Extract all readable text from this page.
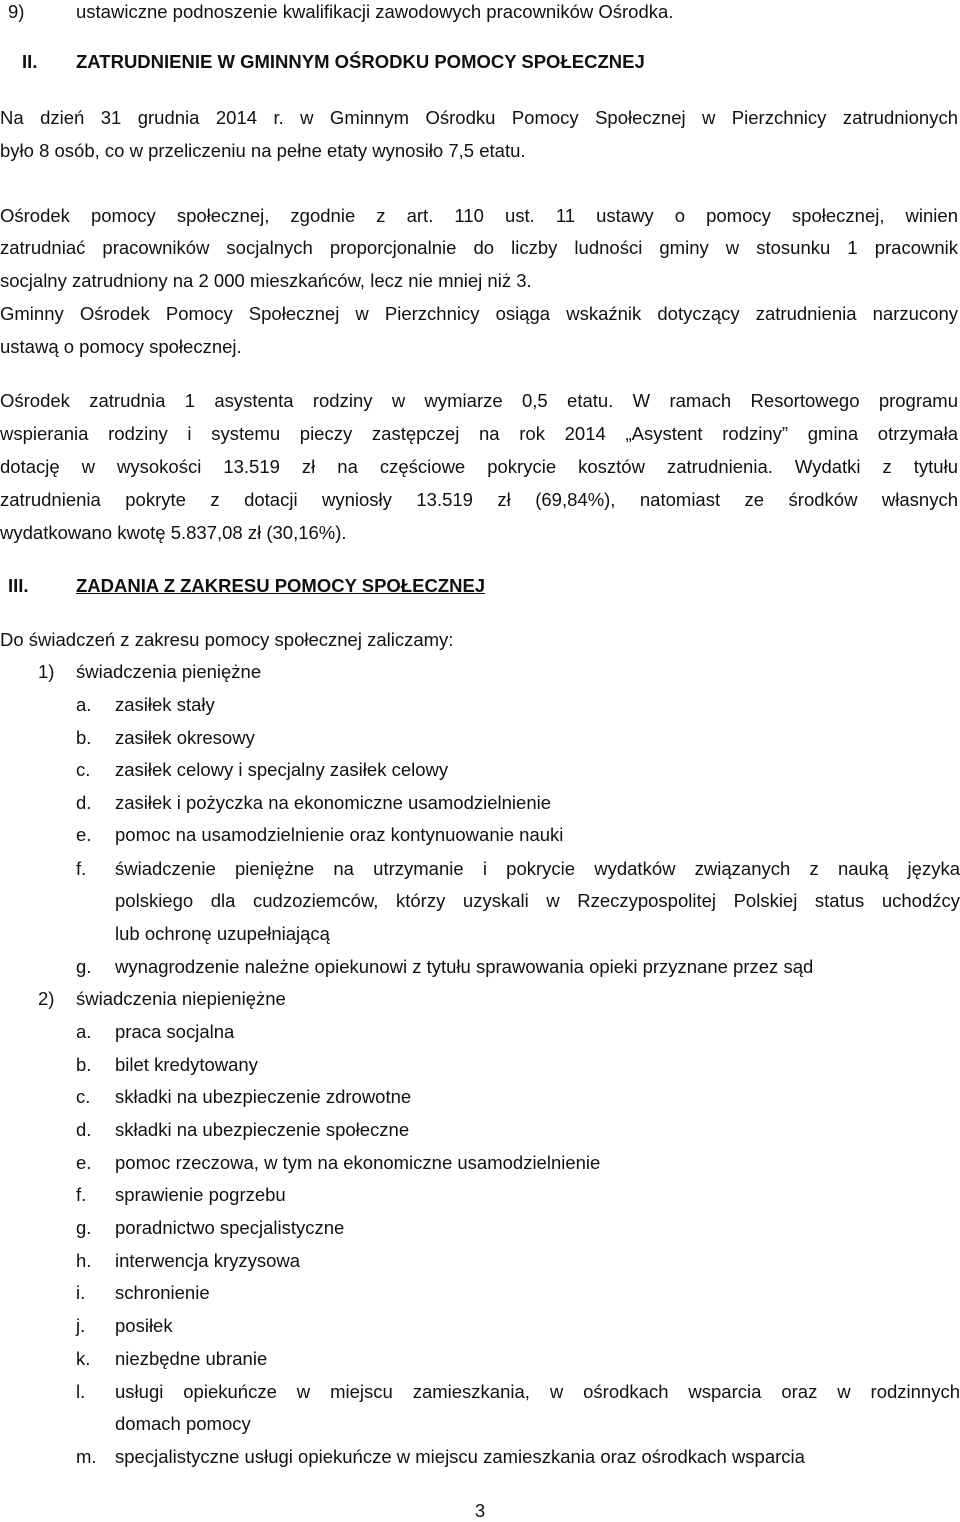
9)	ustawiczne podnoszenie kwalifikacji zawodowych pracowników Ośrodka.
II. ZATRUDNIENIE W GMINNYM OŚRODKU POMOCY SPOŁECZNEJ
Na dzień 31 grudnia 2014 r. w Gminnym Ośrodku Pomocy Społecznej w Pierzchnicy zatrudnionych
było 8 osób, co w przeliczeniu na pełne etaty wynosiło 7,5 etatu.
Ośrodek pomocy społecznej, zgodnie z art. 110 ust. 11 ustawy o pomocy społecznej, winien
zatrudniać pracowników socjalnych proporcjonalnie do liczby ludności gminy w stosunku 1 pracownik
socjalny zatrudniony na 2 000 mieszkańców, lecz nie mniej niż 3.
Gminny Ośrodek Pomocy Społecznej w Pierzchnicy osiąga wskaźnik dotyczący zatrudnienia narzucony
ustawą o pomocy społecznej.
Ośrodek zatrudnia 1 asystenta rodziny w wymiarze 0,5 etatu. W ramach Resortowego programu
wspierania rodziny i systemu pieczy zastępczej na rok 2014 „Asystent rodziny” gmina otrzymała
dotację w wysokości 13.519 zł na częściowe pokrycie kosztów zatrudnienia. Wydatki z tytułu
zatrudnienia pokryte z dotacji wyniosły 13.519 zł (69,84%), natomiast ze środków własnych
wydatkowano kwotę 5.837,08 zł (30,16%).
III.	ZADANIA Z ZAKRESU POMOCY SPOŁECZNEJ
Do świadczeń z zakresu pomocy społecznej zaliczamy:
1) świadczenia pieniężne
a. zasiłek stały
b. zasiłek okresowy
c. zasiłek celowy i specjalny zasiłek celowy
d. zasiłek i pożyczka na ekonomiczne usamodzielnienie
e. pomoc na usamodzielnienie oraz kontynuowanie nauki
f. świadczenie pieniężne na utrzymanie i pokrycie wydatków związanych z nauką języka
polskiego dla cudzoziemców, którzy uzyskali w Rzeczypospolitej Polskiej status uchodźcy
lub ochronę uzupełniającą
g. wynagrodzenie należne opiekunowi z tytułu sprawowania opieki przyznane przez sąd
2) świadczenia niepieniężne
a. praca socjalna
b. bilet kredytowany
c. składki na ubezpieczenie zdrowotne
d. składki na ubezpieczenie społeczne
e. pomoc rzeczowa, w tym na ekonomiczne usamodzielnienie
f. sprawienie pogrzebu
g. poradnictwo specjalistyczne
h. interwencja kryzysowa
i. schronienie
j. posiłek
k. niezbędne ubranie
l. usługi opiekuńcze w miejscu zamieszkania, w ośrodkach wsparcia oraz w rodzinnych
domach pomocy
m. specjalistyczne usługi opiekuńcze w miejscu zamieszkania oraz ośrodkach wsparcia
3
